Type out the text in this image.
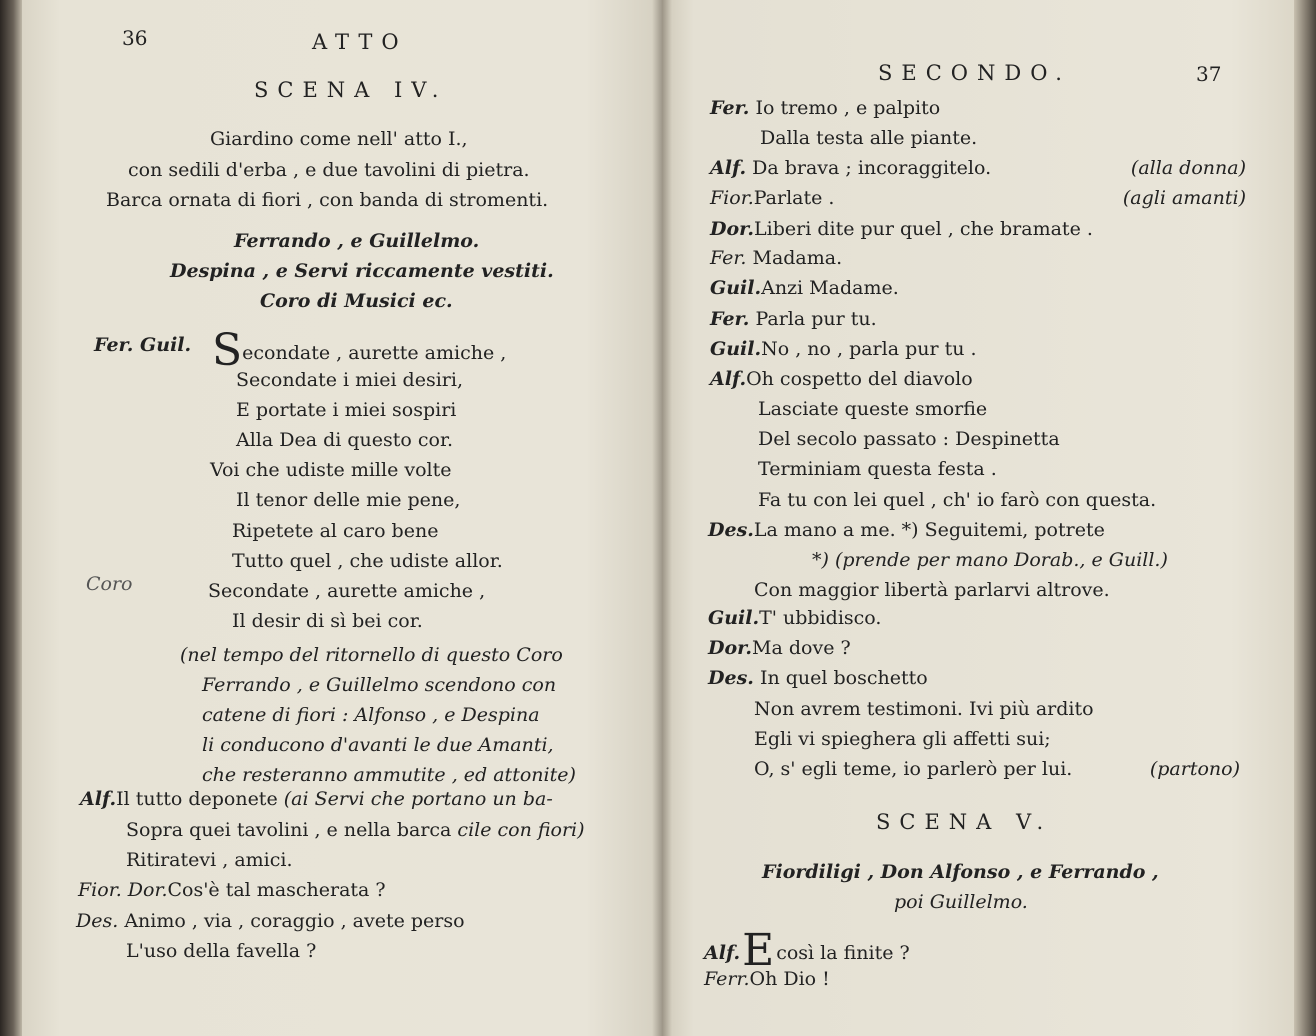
36	ATTO
SCENA IV.
Giardino come nell' atto I.,
con sedili d'erba , e due tavolini di pietra.
Barca ornata di fiori , con banda di stromenti.
Ferrando , e Guillelmo.
Despina , e Servi riccamente vestiti.
Coro di Musici ec.
Fer. Guil. Secondate , aurette amiche ,
Secondate i miei desiri,
E portate i miei sospiri
Alla Dea di questo cor.
Voi che udiste mille volte
Il tenor delle mie pene,
Ripetete al caro bene
Tutto quel , che udiste allor.
Coro	Secondate , aurette amiche ,
Il desir di sì bei cor.
(nel tempo del ritornello di questo Coro
Ferrando , e Guillelmo scendono con
catene di fiori : Alfonso , e Despina
li conducono d'avanti le due Amanti,
che resteranno ammutite , ed attonite)
Alf.Il tutto deponete (ai Servi che portano un ba-
Sopra quei tavolini , e nella barca cile con fiori)
Ritiratevi , amici.
Fior. Dor.Cos'è tal mascherata ?
Des. Animo , via , coraggio , avete perso
L'uso della favella ?
SECONDO.	37
Fer. Io tremo , e palpito
Dalla testa alle piante.
Alf. Da brava ; incoraggitelo.	(alla donna)
Fior.Parlate .	(agli amanti)
Dor.Liberi dite pur quel , che bramate .
Fer. Madama.
Guil.Anzi Madame.
Fer. Parla pur tu.
Guil.No , no , parla pur tu .
Alf.Oh cospetto del diavolo
Lasciate queste smorfie
Del secolo passato : Despinetta
Terminiam questa festa .
Fa tu con lei quel , ch' io farò con questa.
Des.La mano a me. *) Seguitemi, potrete
*) (prende per mano Dorab., e Guill.)
Con maggior libertà parlarvi altrove.
Guil.T' ubbidisco.
Dor.Ma dove ?
Des. In quel boschetto
Non avrem testimoni. Ivi più ardito
Egli vi spieghera gli affetti sui;
O, s' egli teme, io parlerò per lui.	(partono)
SCENA V.
Fiordiligi , Don Alfonso , e Ferrando ,
poi Guillelmo.
Alf.E così la finite ?
Ferr.Oh Dio !
